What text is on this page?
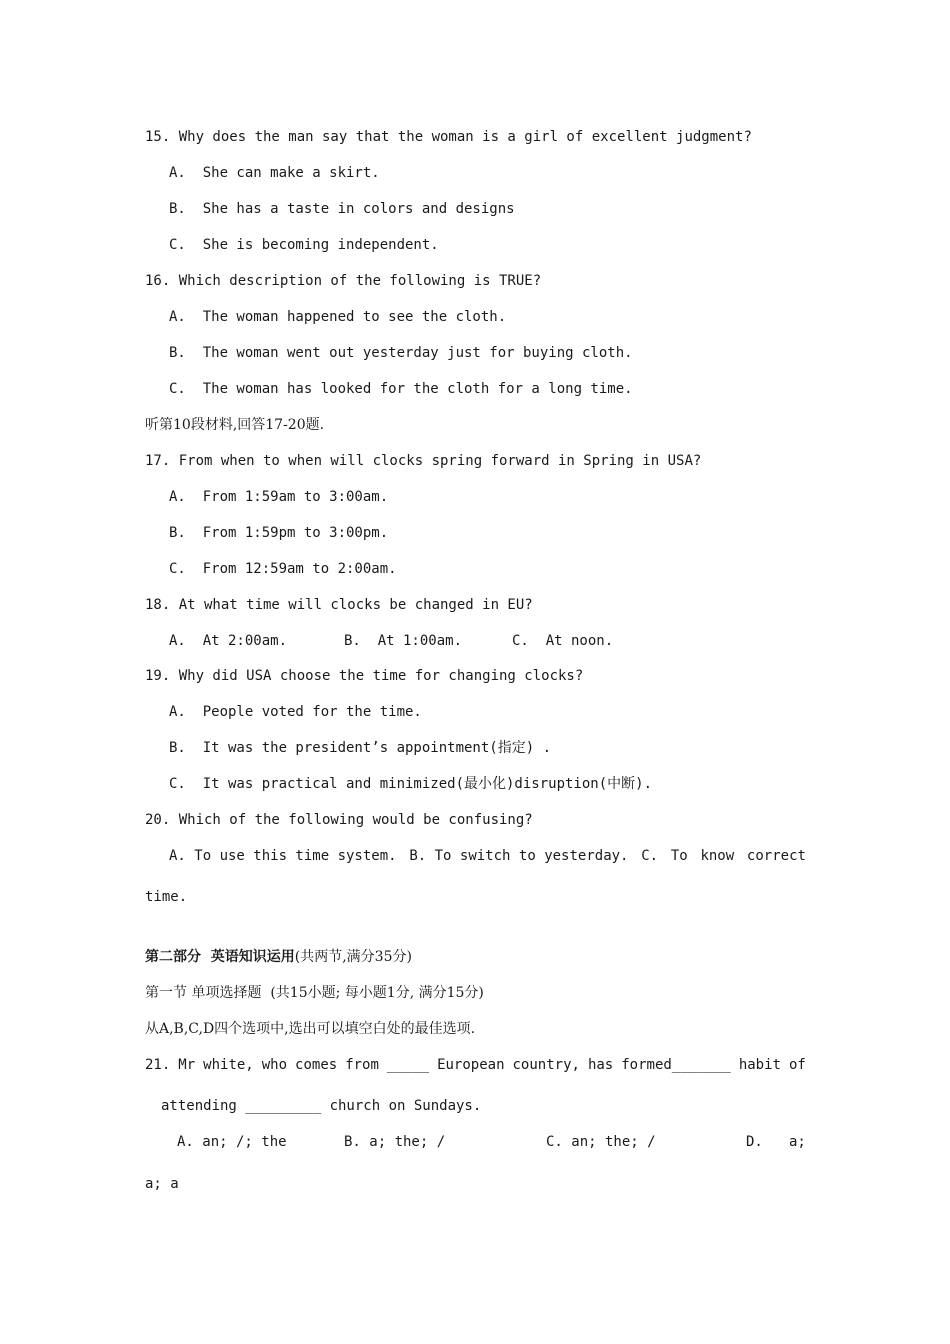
15. Why does the man say that the woman is a girl of excellent judgment?
A.  She can make a skirt.
B.  She has a taste in colors and designs
C.  She is becoming independent.
16. Which description of the following is TRUE?
A.  The woman happened to see the cloth.
B.  The woman went out yesterday just for buying cloth.
C.  The woman has looked for the cloth for a long time.
听第10段材料,回答17-20题.
17. From when to when will clocks spring forward in Spring in USA?
A.  From 1:59am to 3:00am.
B.  From 1:59pm to 3:00pm.
C.  From 12:59am to 2:00am.
18. At what time will clocks be changed in EU?
A.  At 2:00am.	B.  At 1:00am.	C.  At noon.
19. Why did USA choose the time for changing clocks?
A.  People voted for the time.
B.  It was the president’s appointment(指定) .
C.  It was practical and minimized(最小化)disruption(中断).
20. Which of the following would be confusing?
A. To use this time system. B. To switch to yesterday. C. To know correct
time.
第二部分  英语知识运用(共两节,满分35分)
第一节 单项选择题  (共15小题; 每小题1分, 满分15分)
从A,B,C,D四个选项中,选出可以填空白处的最佳选项.
21. Mr white, who comes from _____ European country, has formed_______ habit of
attending _________ church on Sundays.
A. an; /; the	B. a; the; /	C. an; the; /	D. a;
a; a
